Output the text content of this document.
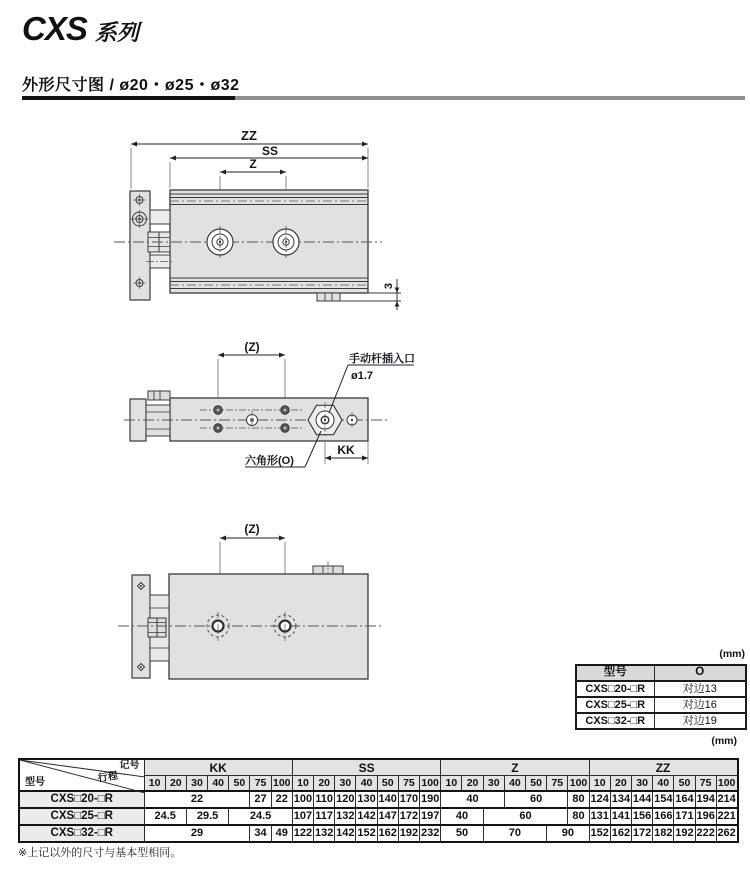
CXS 系列
外形尺寸图 / ø20・ø25・ø32
ZZ
SS
Z
3
(Z)
手动杆插入口
ø1.7
六角形(O)
KK
(Z)
(mm)
型号	O
CXS□20-□R	对边13
CXS□25-□R	对边16
CXS□32-□R	对边19
(mm)
记号
行程
型号	KK							SS							Z							ZZ						
	10	20	30	40	50	75	100	10	20	30	40	50	75	100	10	20	30	40	50	75	100	10	20	30	40	50	75	100
CXS□20-□R	22					27	22	100	110	120	130	140	170	190	40			60			80	124	134	144	154	164	194	214
CXS□25-□R	24.5		29.5		24.5			107	117	132	142	147	172	197	40		60				80	131	141	156	166	171	196	221
CXS□32-□R	29					34	49	122	132	142	152	162	192	232	50		70			90		152	162	172	182	192	222	262
※上记以外的尺寸与基本型相同。
